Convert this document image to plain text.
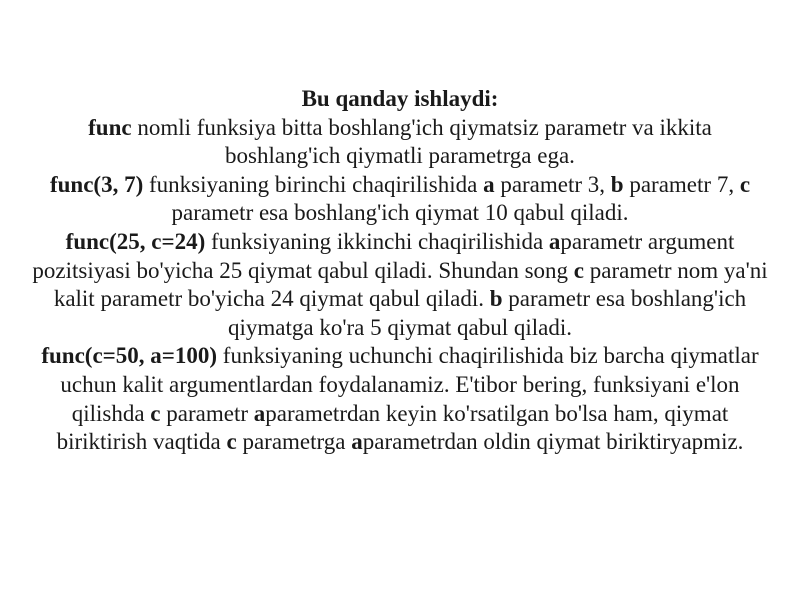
Bu qanday ishlaydi:

func nomli funksiya bitta boshlang'ich qiymatsiz parametr va ikkita boshlang'ich qiymatli parametrga ega.

func(3, 7) funksiyaning birinchi chaqirilishida a parametr 3, b parametr 7, c parametr esa boshlang'ich qiymat 10 qabul qiladi.

func(25, c=24) funksiyaning ikkinchi chaqirilishida aparametr argument pozitsiyasi bo'yicha 25 qiymat qabul qiladi. Shundan song c parametr nom ya'ni kalit parametr bo'yicha 24 qiymat qabul qiladi. b parametr esa boshlang'ich qiymatga ko'ra 5 qiymat qabul qiladi.

func(c=50, a=100) funksiyaning uchunchi chaqirilishida biz barcha qiymatlar uchun kalit argumentlardan foydalanamiz. E'tibor bering, funksiyani e'lon qilishda c parametr aparametrdan keyin ko'rsatilgan bo'lsa ham, qiymat biriktirish vaqtida c parametrga aparametrdan oldin qiymat biriktiryapmiz.
